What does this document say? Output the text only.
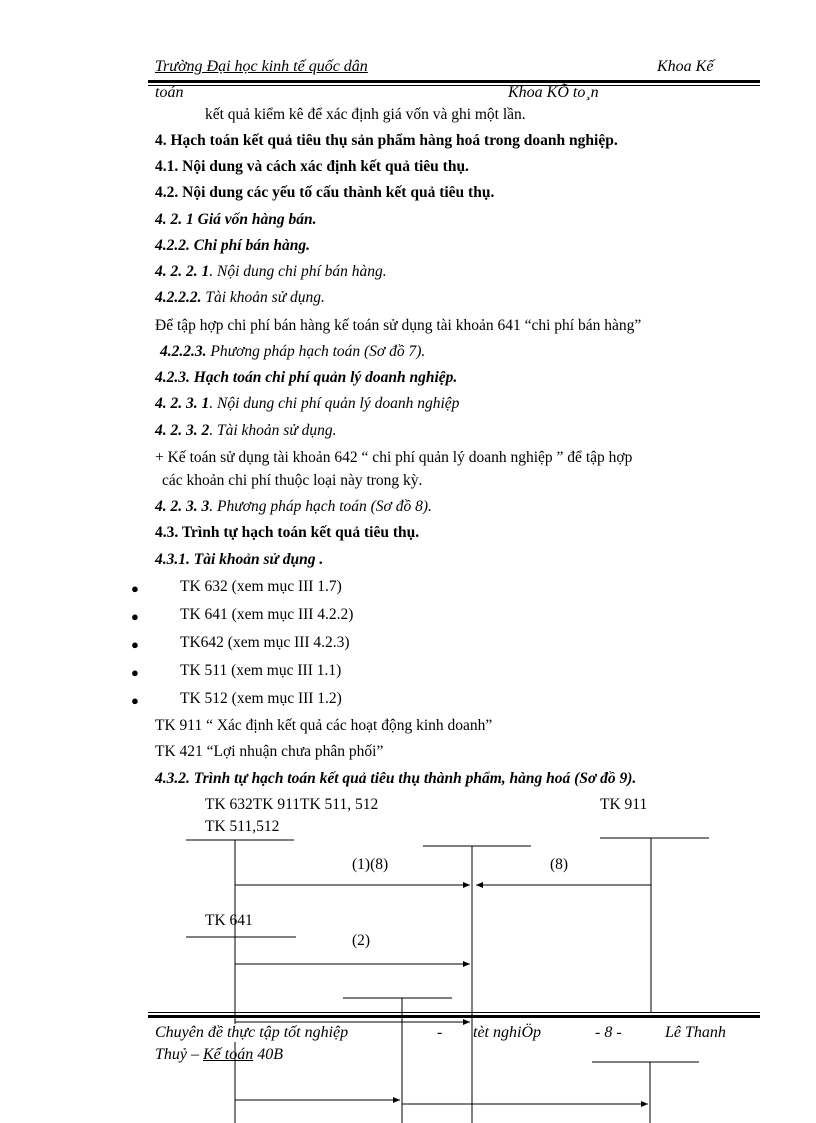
Trường Đại học kinh tế quốc dân	Khoa Kế
toán	Khoa KÕ to¸n
kết quả kiểm kê để xác định giá vốn và ghi một lần.
4. Hạch toán kết quả tiêu thụ sản phẩm hàng hoá trong doanh nghiệp.
4.1. Nội dung và cách xác định kết quả tiêu thụ.
4.2. Nội dung các yếu tố cấu thành kết quả tiêu thụ.
4. 2. 1 Giá vốn hàng bán.
4.2.2. Chi phí bán hàng.
4. 2. 2. 1. Nội dung chi phí bán hàng.
4.2.2.2. Tài khoản sử dụng.
Để tập hợp chi phí bán hàng kế toán sử dụng tài khoản 641 “chi phí bán hàng”
4.2.2.3. Phương pháp hạch toán (Sơ đồ 7).
4.2.3. Hạch toán chi phí quản lý doanh nghiệp.
4. 2. 3. 1. Nội dung chi phí quản lý doanh nghiệp
4. 2. 3. 2. Tài khoản sử dụng.
+ Kế toán sử dụng tài khoản 642 “ chi phí quản lý doanh nghiệp ” để tập hợp
các khoản chi phí thuộc loại này trong kỳ.
4. 2. 3. 3. Phương pháp hạch toán (Sơ đồ 8).
4.3. Trình tự hạch toán kết quả tiêu thụ.
4.3.1. Tài khoản sử dụng .
●	TK 632 (xem mục III 1.7)
●	TK 641 (xem mục III 4.2.2)
●	TK642 (xem mục III 4.2.3)
●	TK 511 (xem mục III 1.1)
●	TK 512 (xem mục III 1.2)
TK 911 “ Xác định kết quả các hoạt động kinh doanh”
TK 421 “Lợi nhuận chưa phân phối”
4.3.2. Trình tự hạch toán kết quả tiêu thụ thành phẩm, hàng hoá (Sơ đồ 9).
TK 632TK 911TK 511, 512	TK 911
TK 511,512
(1)(8)	(8)
TK 641
(2)
Chuyên đề thực tập tốt nghiệp	- tèt nghiÖp	- 8 -	Lê Thanh
Thuỷ – Kế toán 40B
